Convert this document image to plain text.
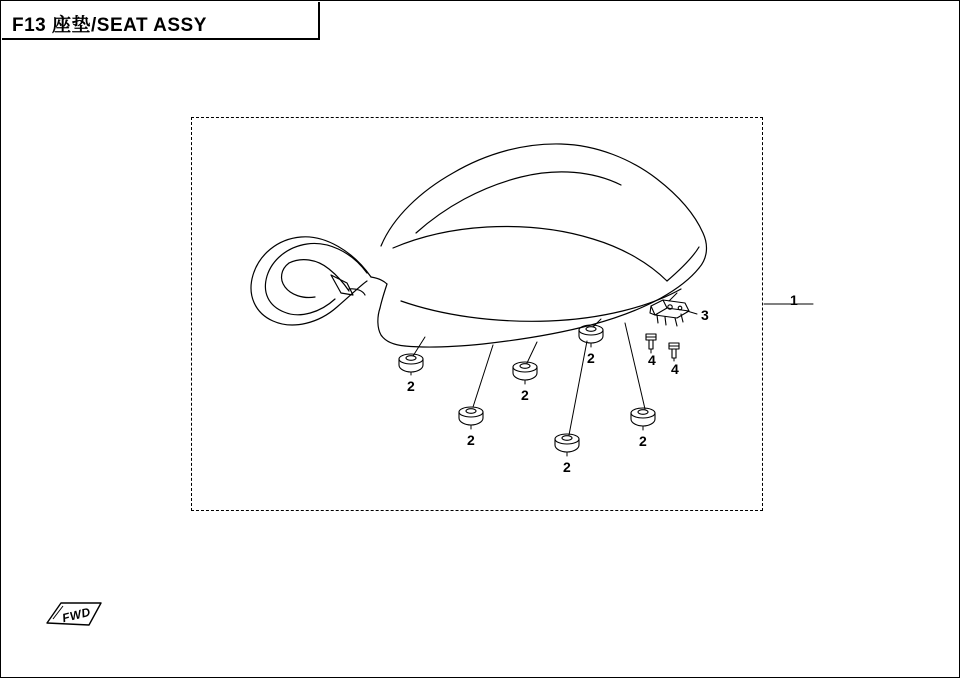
F13 座垫/SEAT ASSY
1
2
2
2
2
2
2
3
4
4
FWD
